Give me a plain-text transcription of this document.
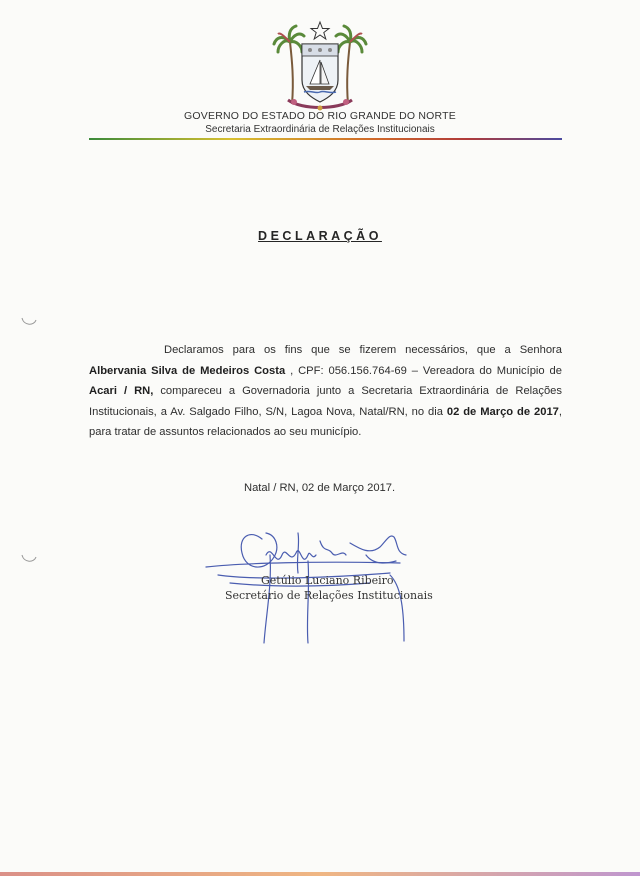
GOVERNO DO ESTADO DO RIO GRANDE DO NORTE
Secretaria Extraordinária de Relações Institucionais
DECLARAÇÃO

Declaramos para os fins que se fizerem necessários, que a Senhora Albervania Silva de Medeiros Costa , CPF: 056.156.764-69 – Vereadora do Município de Acari / RN, compareceu a Governadoria junto a Secretaria Extraordinária de Relações Institucionais, a Av. Salgado Filho, S/N, Lagoa Nova, Natal/RN, no dia 02 de Março de 2017, para tratar de assuntos relacionados ao seu município.

Natal / RN, 02 de Março 2017.
Getúlio Luciano Ribeiro
Secretário de Relações Institucionais
